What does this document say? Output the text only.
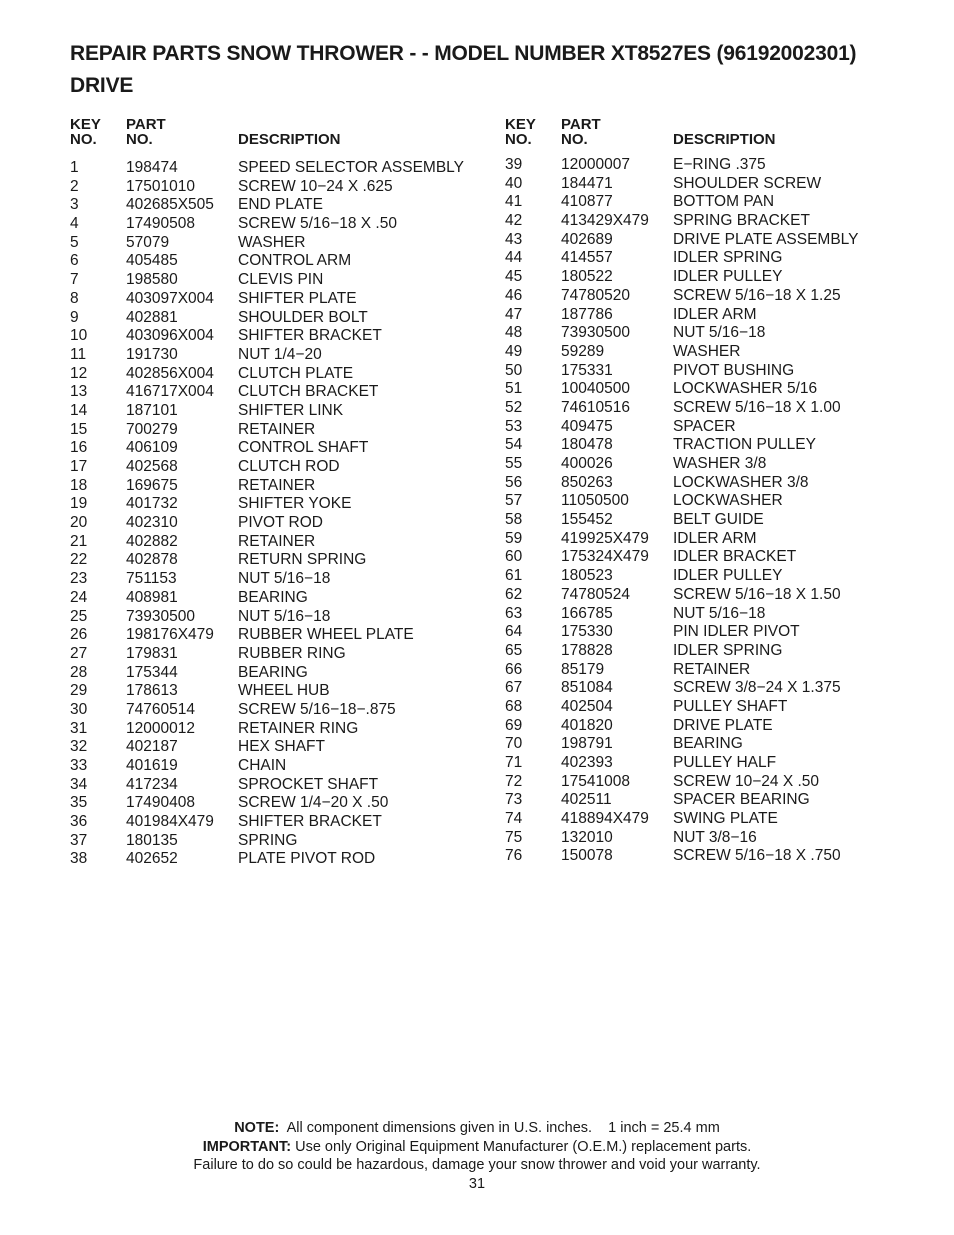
REPAIR PARTS SNOW THROWER - - MODEL NUMBER XT8527ES (96192002301)
DRIVE
KEY
NO.
PART
NO.	DESCRIPTION
1	198474	SPEED SELECTOR ASSEMBLY
2	17501010	SCREW 10−24 X .625
3	402685X505 END PLATE
4	17490508	SCREW 5/16−18 X .50
5	57079	WASHER
6	405485	CONTROL ARM
7	198580	CLEVIS PIN
8	403097X004 SHIFTER PLATE
9	402881	SHOULDER BOLT
10	403096X004 SHIFTER BRACKET
11	191730	NUT 1/4−20
12	402856X004 CLUTCH PLATE
13	416717X004 CLUTCH BRACKET
14	187101	SHIFTER LINK
15	700279	RETAINER
16	406109	CONTROL SHAFT
17	402568	CLUTCH ROD
18	169675	RETAINER
19	401732	SHIFTER YOKE
20	402310	PIVOT ROD
21	402882	RETAINER
22	402878	RETURN SPRING
23	751153	NUT 5/16−18
24	408981	BEARING
25	73930500	NUT 5/16−18
26	198176X479 RUBBER WHEEL PLATE
27	179831	RUBBER RING
28	175344	BEARING
29	178613	WHEEL HUB
30	74760514	SCREW 5/16−18−.875
31	12000012	RETAINER RING
32	402187	HEX SHAFT
33	401619	CHAIN
34	417234	SPROCKET SHAFT
35	17490408	SCREW 1/4−20 X .50
36	401984X479 SHIFTER BRACKET
37	180135	SPRING
38	402652	PLATE PIVOT ROD
KEY
NO.
PART
NO.	DESCRIPTION
39	12000007	E−RING .375
40	184471	SHOULDER SCREW
41	410877	BOTTOM PAN
42	413429X479 SPRING BRACKET
43	402689	DRIVE PLATE ASSEMBLY
44	414557	IDLER SPRING
45	180522	IDLER PULLEY
46	74780520	SCREW 5/16−18 X 1.25
47	187786	IDLER ARM
48	73930500	NUT 5/16−18
49	59289	WASHER
50	175331	PIVOT BUSHING
51	10040500	LOCKWASHER 5/16
52	74610516	SCREW 5/16−18 X 1.00
53	409475	SPACER
54	180478	TRACTION PULLEY
55	400026	WASHER 3/8
56	850263	LOCKWASHER 3/8
57	11050500	LOCKWASHER
58	155452	BELT GUIDE
59	419925X479 IDLER ARM
60	175324X479 IDLER BRACKET
61	180523	IDLER PULLEY
62	74780524	SCREW 5/16−18 X 1.50
63	166785	NUT 5/16−18
64	175330	PIN IDLER PIVOT
65	178828	IDLER SPRING
66	85179	RETAINER
67	851084	SCREW 3/8−24 X 1.375
68	402504	PULLEY SHAFT
69	401820	DRIVE PLATE
70	198791	BEARING
71	402393	PULLEY HALF
72	17541008	SCREW 10−24 X .50
73	402511	SPACER BEARING
74	418894X479 SWING PLATE
75	132010	NUT 3/8−16
76	150078	SCREW 5/16−18 X .750
NOTE:  All component dimensions given in U.S. inches.    1 inch = 25.4 mm
IMPORTANT: Use only Original Equipment Manufacturer (O.E.M.) replacement parts.
Failure to do so could be hazardous, damage your snow thrower and void your warranty.
31
